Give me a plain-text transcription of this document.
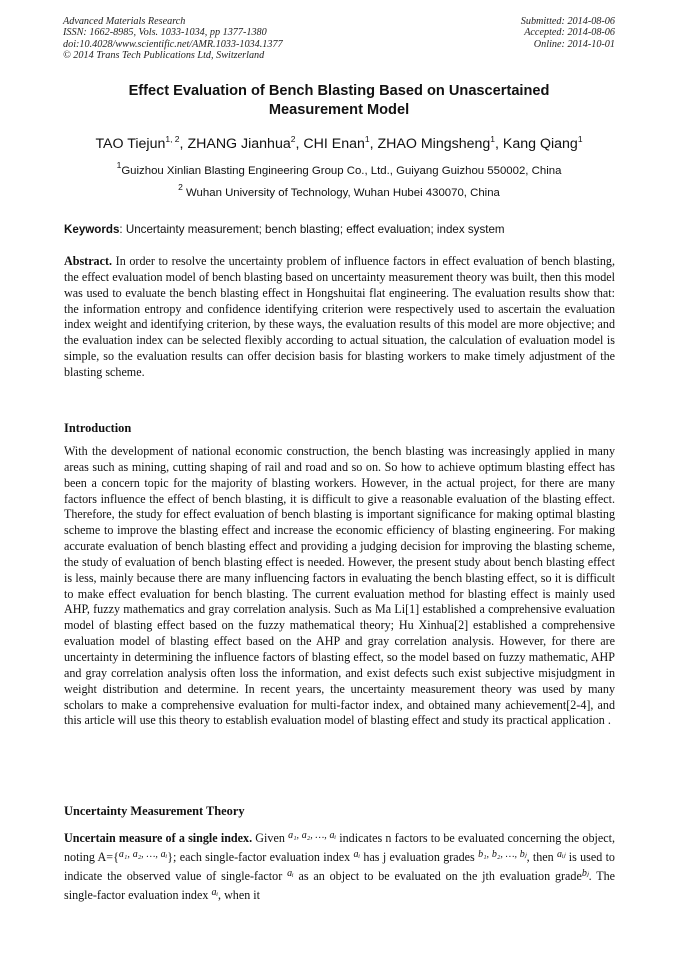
Advanced Materials Research
ISSN: 1662-8985, Vols. 1033-1034, pp 1377-1380
doi:10.4028/www.scientific.net/AMR.1033-1034.1377
© 2014 Trans Tech Publications Ltd, Switzerland
Submitted: 2014-08-06
Accepted: 2014-08-06
Online: 2014-10-01
Effect Evaluation of Bench Blasting Based on Unascertained
Measurement Model
TAO Tiejun$^{1, 2}$, ZHANG Jianhua$^2$, CHI Enan$^1$, ZHAO Mingsheng$^1$, Kang Qiang$^1$
$^1$Guizhou Xinlian Blasting Engineering Group Co., Ltd., Guiyang Guizhou 550002, China
$^2$ Wuhan University of Technology, Wuhan Hubei 430070, China
Keywords: Uncertainty measurement; bench blasting; effect evaluation; index system
Abstract. In order to resolve the uncertainty problem of influence factors in effect evaluation of bench blasting, the effect evaluation model of bench blasting based on uncertainty measurement theory was built, then this model was used to evaluate the bench blasting effect in Hongshuitai flat engineering. The evaluation results show that: the information entropy and confidence identifying criterion were respectively used to ascertain the evaluation index weight and identifying criterion, by these ways, the evaluation results of this model are more objective; and the evaluation index can be selected flexibly according to actual situation, the calculation of evaluation model is simple, so the evaluation results can offer decision basis for blasting workers to make timely adjustment of the blasting scheme.
Introduction
With the development of national economic construction, the bench blasting was increasingly applied in many areas such as mining, cutting shaping of rail and road and so on. So how to achieve optimum blasting effect has been a concern topic for the majority of blasting workers. However, in the actual project, for there are many factors influence the effect of bench blasting, it is difficult to give a reasonable evaluation of the blasting effect. Therefore, the study for effect evaluation of bench blasting is important significance for making optimal blasting scheme to improve the blasting effect and increase the economic efficiency of blasting engineering. For making accurate evaluation of bench blasting effect and providing a judging decision for improving the blasting scheme, the study of evaluation of bench blasting effect is needed. However, the present study about bench blasting effect is less, mainly because there are many influencing factors in evaluating the bench blasting effect, so it is difficult to make effect evaluation for bench blasting. The current evaluation method for blasting effect is mainly used AHP, fuzzy mathematics and gray correlation analysis. Such as Ma Li[1] established a comprehensive evaluation model of blasting effect based on the fuzzy mathematical theory; Hu Xinhua[2] established a comprehensive evaluation model of blasting effect based on the AHP and gray correlation analysis. However, for there are uncertainty in determining the influence factors of blasting effect, so the model based on fuzzy mathematic, AHP and gray correlation analysis often loss the information, and exist defects such exist subjective misjudgment in weight distribution and determine. In recent years, the uncertainty measurement theory was used by many scholars to make a comprehensive evaluation for multi-factor index, and obtained many achievement[2-4], and this article will use this theory to establish evaluation model of blasting effect and study its practical application .
Uncertainty Measurement Theory
Uncertain measure of a single index. Given $^{a_1, a_2, \dots, aᵢ}$ indicates n factors to be evaluated concerning the object, noting A={$^{a_1, a_2, \dots, aᵢ}$}; each single-factor evaluation index $^{aᵢ}$ has j evaluation grades $^{b_1, b_2, \dots, bⱼ}$, then $^{aᵢⱼ}$ is used to indicate the observed value of single-factor $^{aᵢ}$ as an object to be evaluated on the jth evaluation grade$^{bⱼ}$. The single-factor evaluation index $^{aᵢ}$, when it
